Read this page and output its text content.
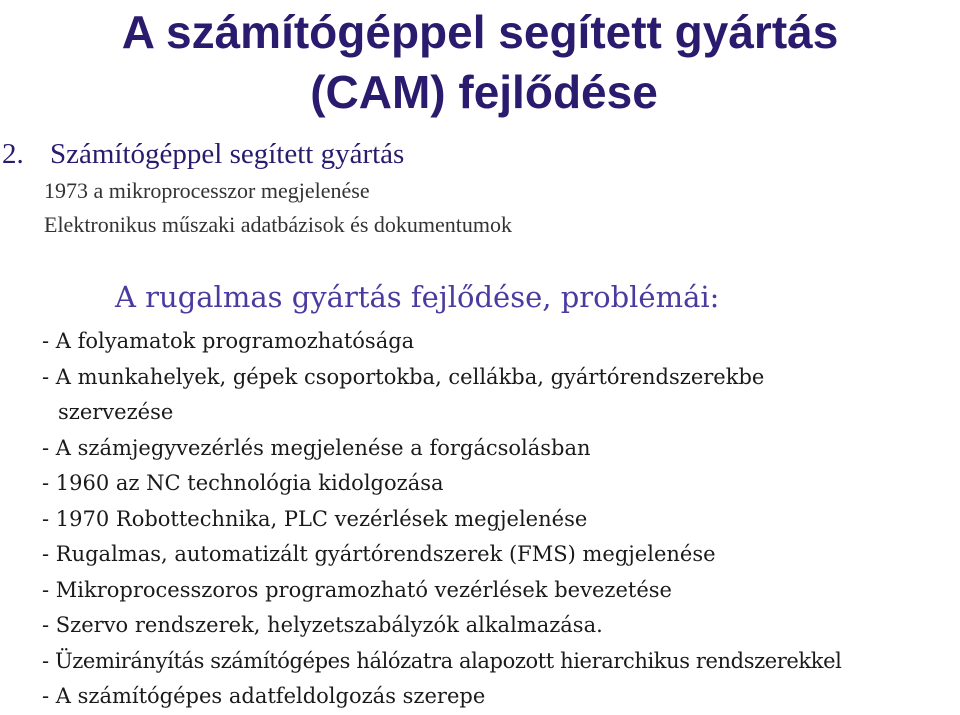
A számítógéppel segített gyártás
(CAM) fejlődése
2. Számítógéppel segített gyártás
1973 a mikroprocesszor megjelenése
Elektronikus műszaki adatbázisok és dokumentumok
A rugalmas gyártás fejlődése, problémái:
- A folyamatok programozhatósága
- A munkahelyek, gépek csoportokba, cellákba, gyártórendszerekbe
szervezése
- A számjegyvezérlés megjelenése a forgácsolásban
- 1960 az NC technológia kidolgozása
- 1970 Robottechnika, PLC vezérlések megjelenése
- Rugalmas, automatizált gyártórendszerek (FMS) megjelenése
- Mikroprocesszoros programozható vezérlések bevezetése
- Szervo rendszerek, helyzetszabályzók alkalmazása.
- Üzemirányítás számítógépes hálózatra alapozott hierarchikus rendszerekkel
- A számítógépes adatfeldolgozás szerepe
